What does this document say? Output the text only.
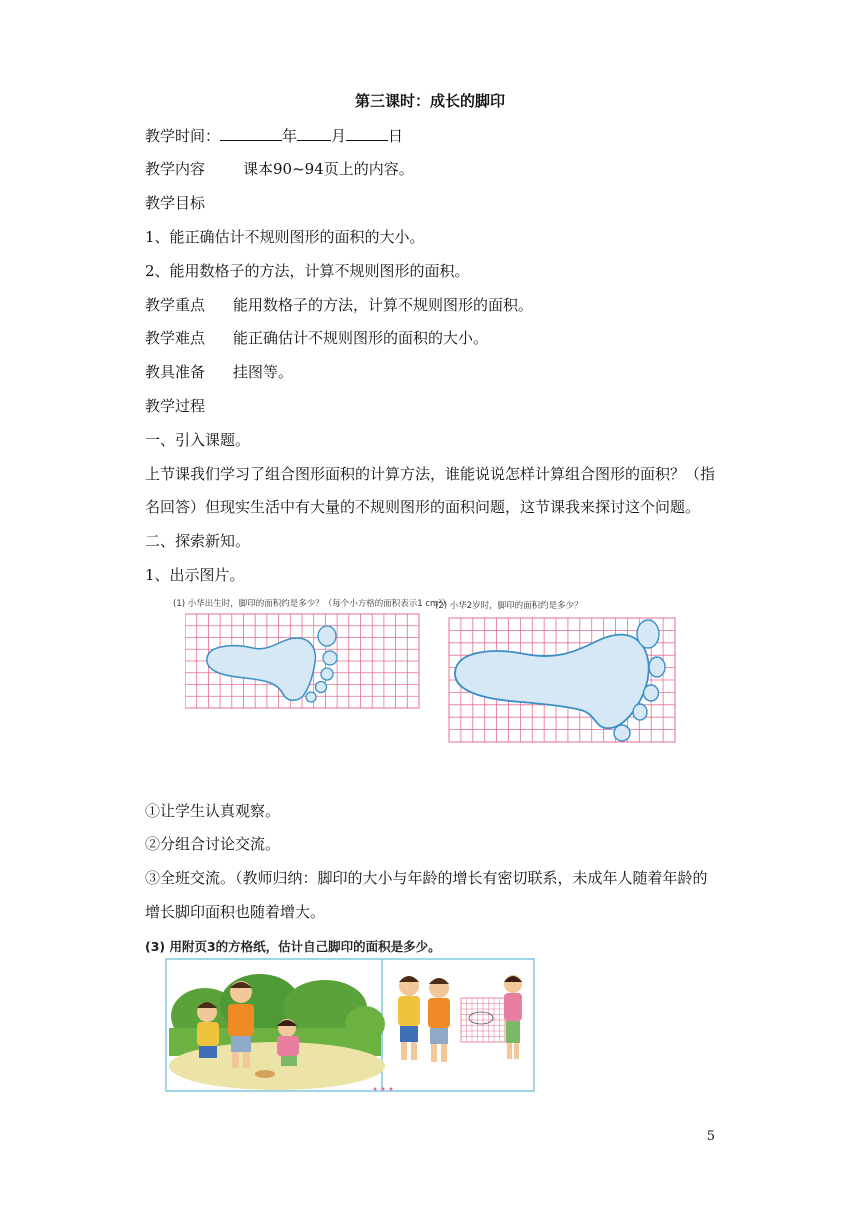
第三课时：成长的脚印
教学时间：	年 月	日
教学内容	课本90~94页上的内容。
教学目标
1、能正确估计不规则图形的面积的大小。
2、能用数格子的方法，计算不规则图形的面积。
教学重点 能用数格子的方法，计算不规则图形的面积。
教学难点 能正确估计不规则图形的面积的大小。
教具准备 挂图等。
教学过程
一、引入课题。
上节课我们学习了组合图形面积的计算方法，谁能说说怎样计算组合图形的面积？（指
名回答）但现实生活中有大量的不规则图形的面积问题，这节课我来探讨这个问题。
二、探索新知。
1、出示图片。
(1) 小华出生时，脚印的面积约是多少？（每个小方格的面积表示1 cm²）
(2) 小华2岁时，脚印的面积约是多少？
①让学生认真观察。
②分组合讨论交流。
③全班交流。（教师归纳：脚印的大小与年龄的增长有密切联系，未成年人随着年龄的
增长脚印面积也随着增大。
(3) 用附页3的方格纸，估计自己脚印的面积是多少。
5
